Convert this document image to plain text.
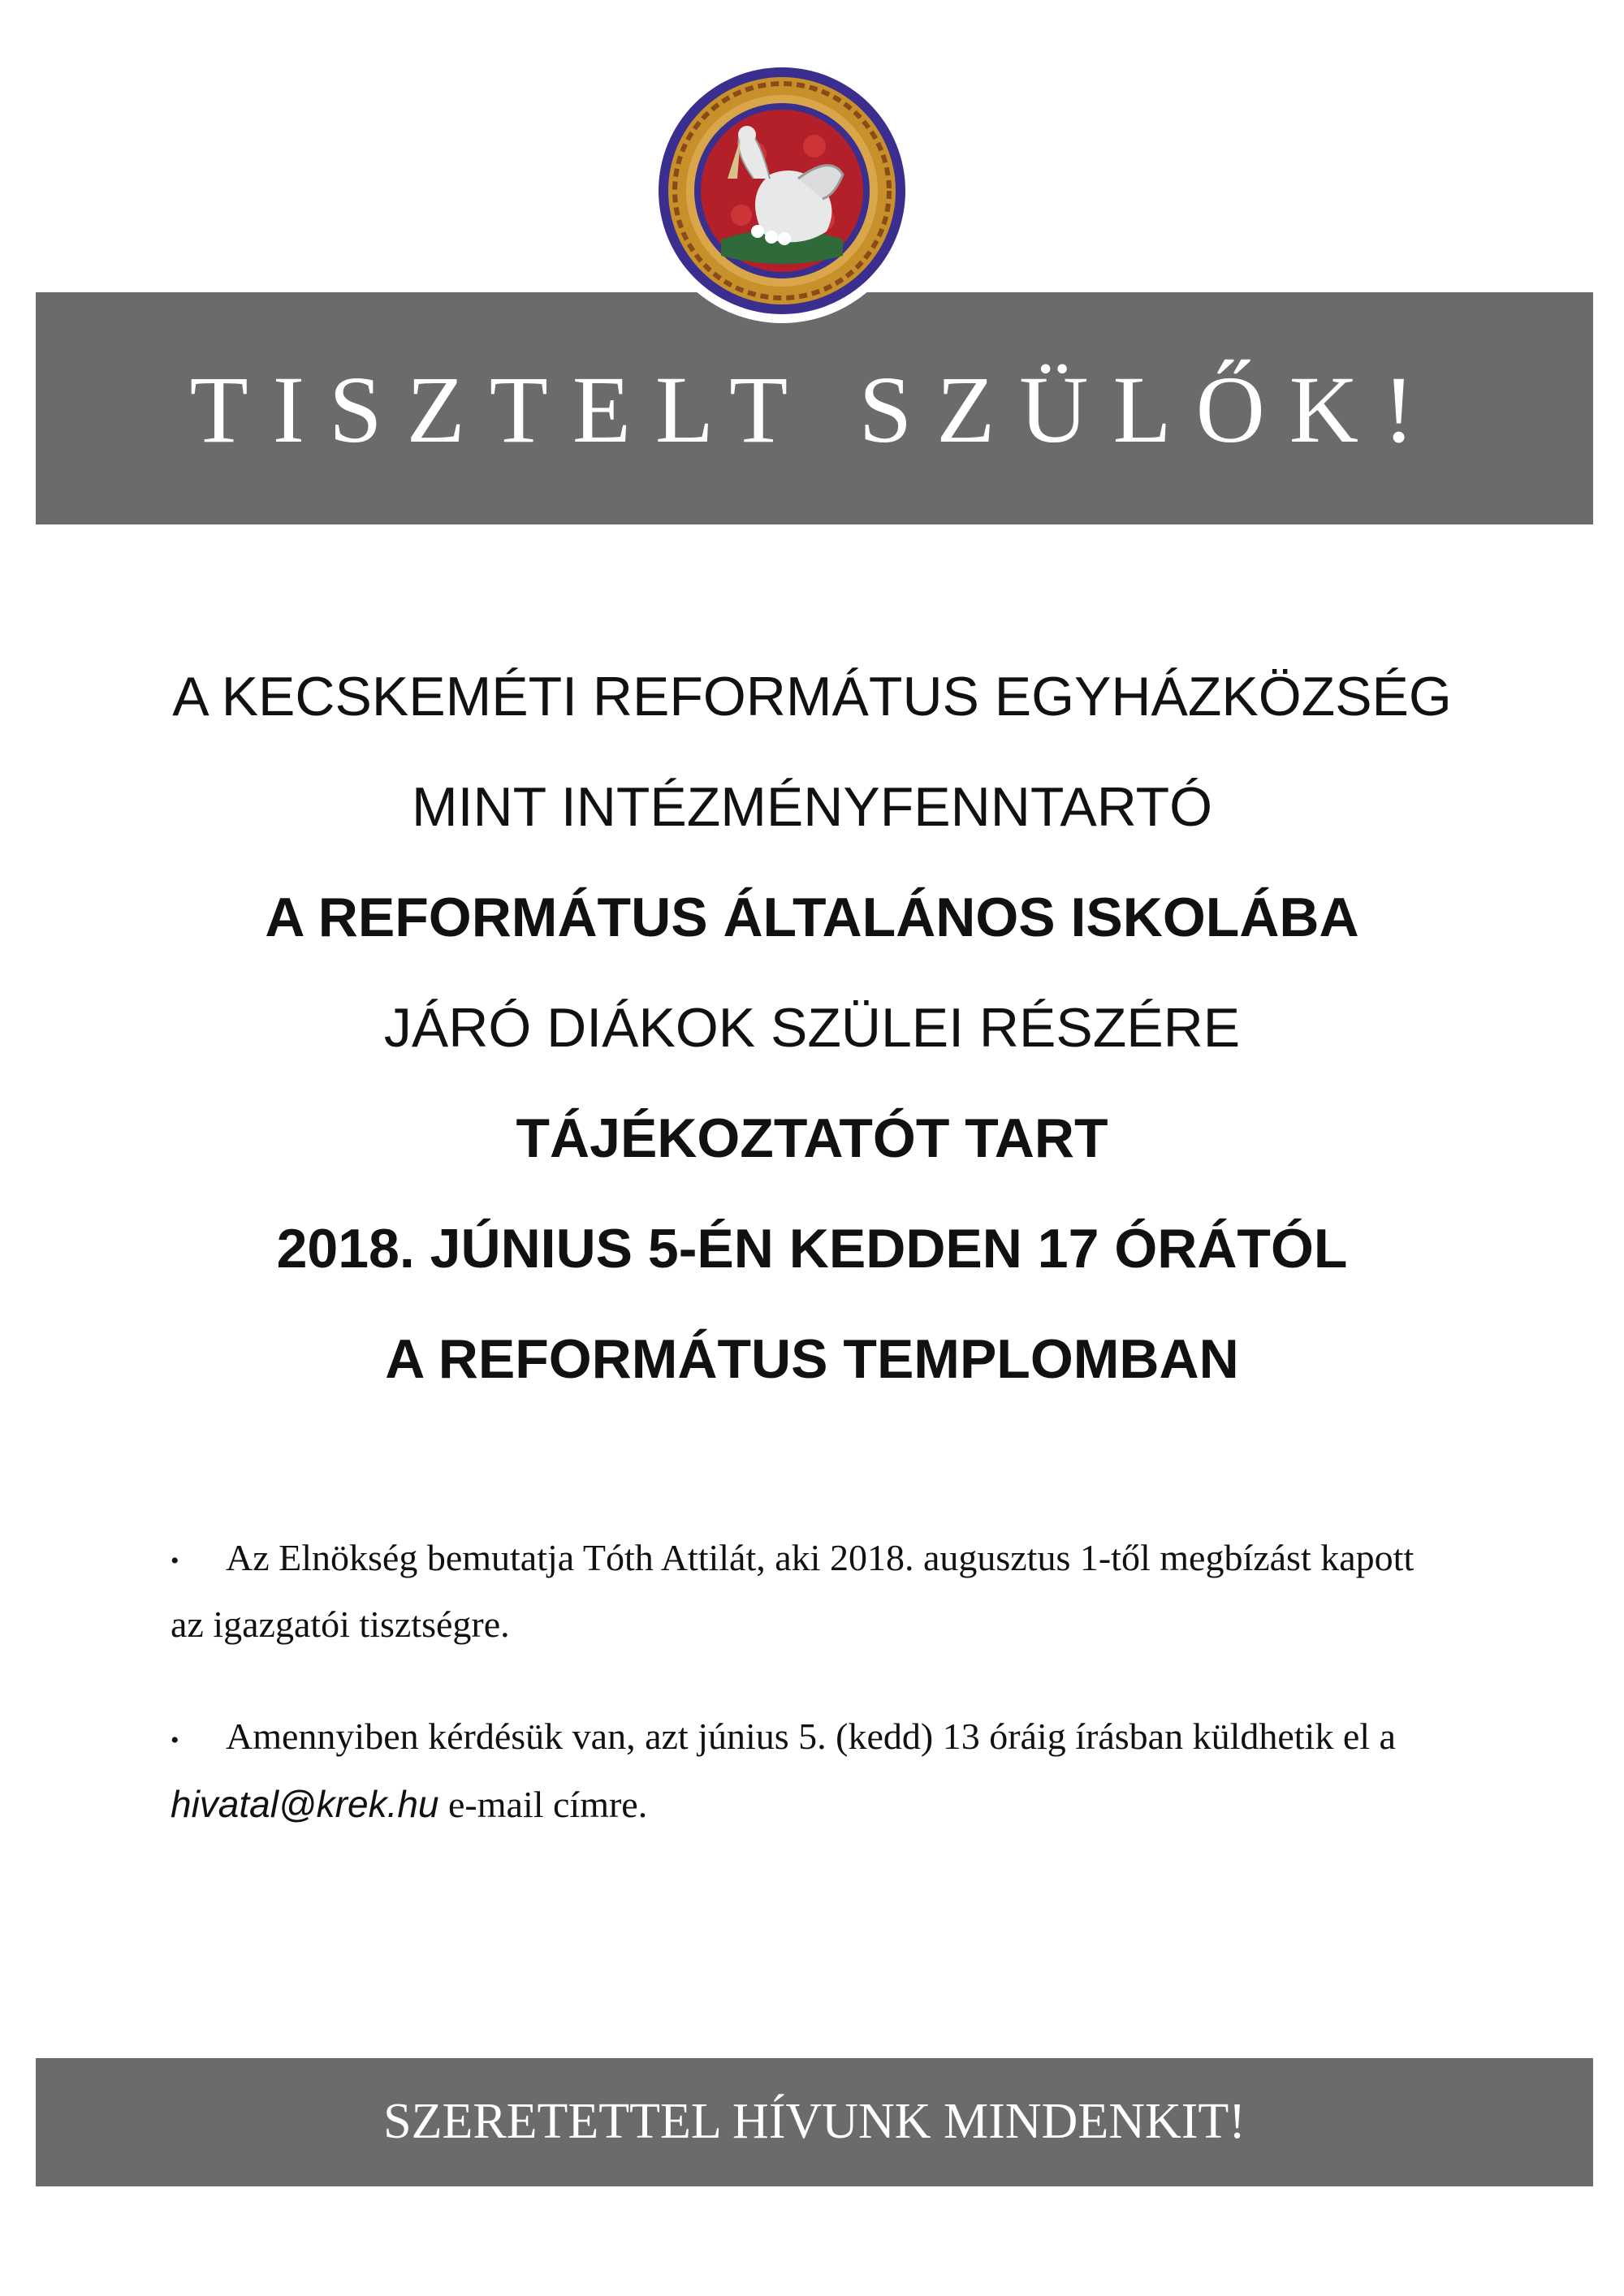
TISZTELT SZÜLŐK!
A KECSKEMÉTI REFORMÁTUS EGYHÁZKÖZSÉG
MINT INTÉZMÉNYFENNTARTÓ
A REFORMÁTUS ÁLTALÁNOS ISKOLÁBA
JÁRÓ DIÁKOK SZÜLEI RÉSZÉRE
TÁJÉKOZTATÓT TART
2018. JÚNIUS 5-ÉN KEDDEN 17 ÓRÁTÓL
A REFORMÁTUS TEMPLOMBAN

• Az Elnökség bemutatja Tóth Attilát, aki 2018. augusztus 1-től megbízást kapott az igazgatói tisztségre.

• Amennyiben kérdésük van, azt június 5. (kedd) 13 óráig írásban küldhetik el a hivatal@krek.hu e-mail címre.

SZERETETTEL HÍVUNK MINDENKIT!
